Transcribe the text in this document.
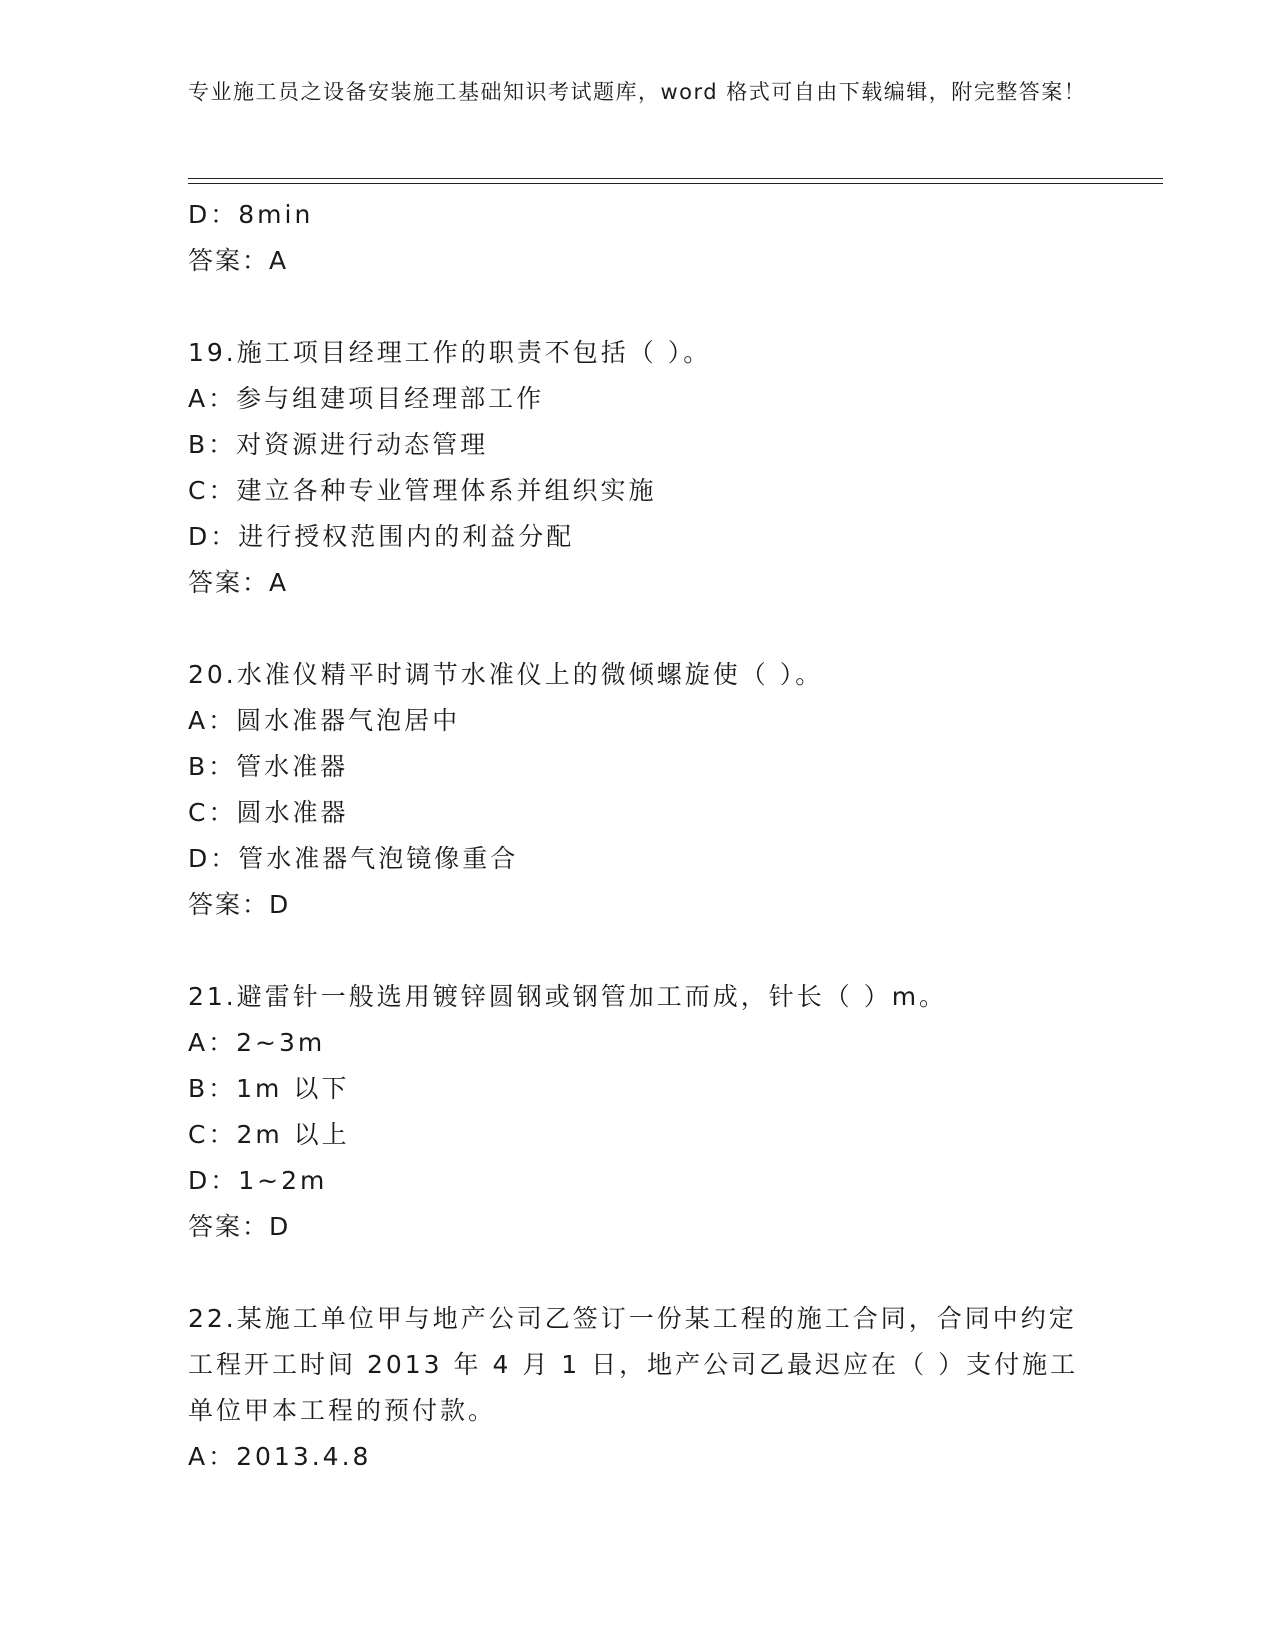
专业施工员之设备安装施工基础知识考试题库，word 格式可自由下载编辑，附完整答案！
D：8min
答案：A
19.施工项目经理工作的职责不包括（ ）。
A：参与组建项目经理部工作
B：对资源进行动态管理
C：建立各种专业管理体系并组织实施
D：进行授权范围内的利益分配
答案：A
20.水准仪精平时调节水准仪上的微倾螺旋使（ ）。
A：圆水准器气泡居中
B：管水准器
C：圆水准器
D：管水准器气泡镜像重合
答案：D
21.避雷针一般选用镀锌圆钢或钢管加工而成，针长（ ）m。
A：2~3m
B：1m 以下
C：2m 以上
D：1~2m
答案：D
22.某施工单位甲与地产公司乙签订一份某工程的施工合同，合同中约定工程开工时间 2013 年 4 月 1 日，地产公司乙最迟应在（ ）支付施工单位甲本工程的预付款。
A：2013.4.8
